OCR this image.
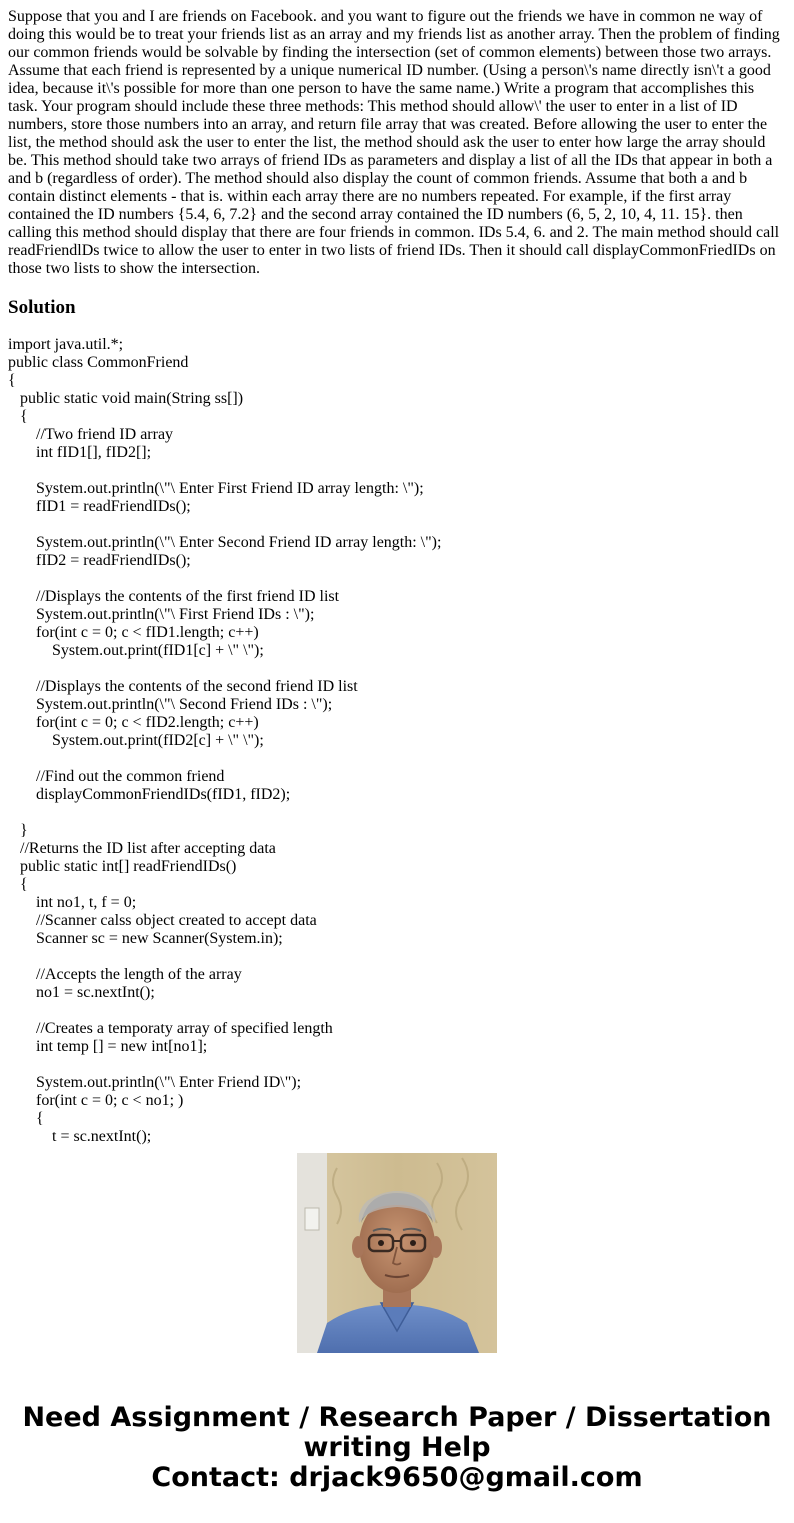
Suppose that you and I are friends on Facebook. and you want to figure out the friends we have in common ne way of doing this would be to treat your friends list as an array and my friends list as another array. Then the problem of finding our common friends would be solvable by finding the intersection (set of common elements) between those two arrays. Assume that each friend is represented by a unique numerical ID number. (Using a person\'s name directly isn\'t a good idea, because it\'s possible for more than one person to have the same name.) Write a program that accomplishes this task. Your program should include these three methods: This method should allow\' the user to enter in a list of ID numbers, store those numbers into an array, and return file array that was created. Before allowing the user to enter the list, the method should ask the user to enter the list, the method should ask the user to enter how large the array should be. This method should take two arrays of friend IDs as parameters and display a list of all the IDs that appear in both a and b (regardless of order). The method should also display the count of common friends. Assume that both a and b contain distinct elements - that is. within each array there are no numbers repeated. For example, if the first array contained the ID numbers {5.4, 6, 7.2} and the second array contained the ID numbers (6, 5, 2, 10, 4, 11. 15}. then calling this method should display that there are four friends in common. IDs 5.4, 6. and 2. The main method should call readFriendlDs twice to allow the user to enter in two lists of friend IDs. Then it should call displayCommonFriedIDs on those two lists to show the intersection.

Solution
import java.util.*;
public class CommonFriend
{
public static void main(String ss[])
{
//Two friend ID array
int fID1[], fID2[];

System.out.println(\"\ Enter First Friend ID array length: \");
fID1 = readFriendIDs();

System.out.println(\"\ Enter Second Friend ID array length: \");
fID2 = readFriendIDs();

//Displays the contents of the first friend ID list
System.out.println(\"\ First Friend IDs : \");
for(int c = 0; c < fID1.length; c++)
System.out.print(fID1[c] + \" \");

//Displays the contents of the second friend ID list
System.out.println(\"\ Second Friend IDs : \");
for(int c = 0; c < fID2.length; c++)
System.out.print(fID2[c] + \" \");

//Find out the common friend
displayCommonFriendIDs(fID1, fID2);

}
//Returns the ID list after accepting data
public static int[] readFriendIDs()
{
int no1, t, f = 0;
//Scanner calss object created to accept data
Scanner sc = new Scanner(System.in);

//Accepts the length of the array
no1 = sc.nextInt();

//Creates a temporaty array of specified length
int temp [] = new int[no1];

System.out.println(\"\ Enter Friend ID\");
for(int c = 0; c < no1; )
{
t = sc.nextInt();
Need Assignment / Research Paper / Dissertation
writing Help
Contact: drjack9650@gmail.com
